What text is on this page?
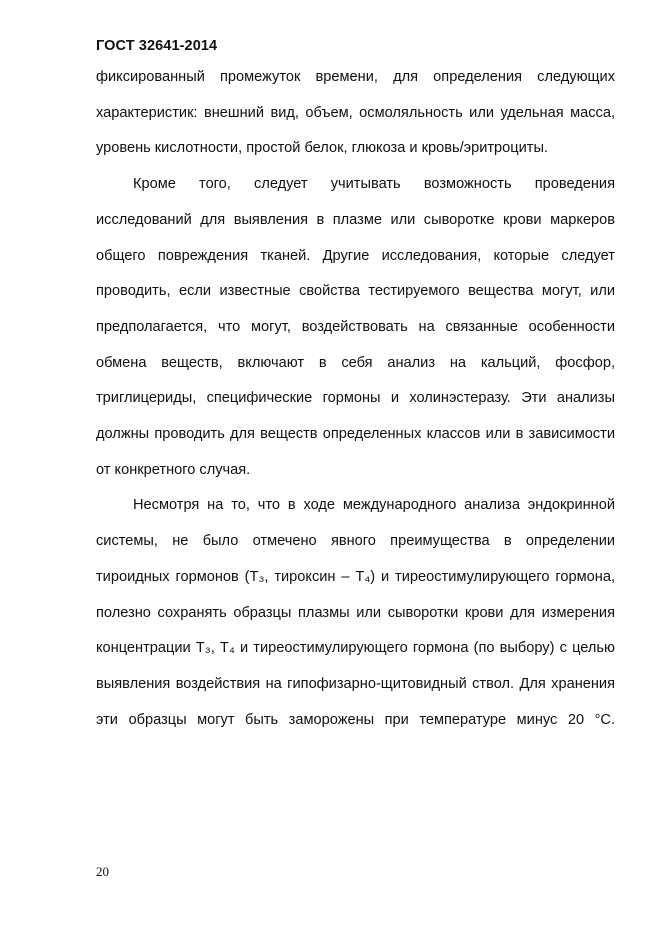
ГОСТ 32641-2014

фиксированный промежуток времени, для определения следующих характеристик: внешний вид, объем, осмоляльность или удельная масса, уровень кислотности, простой белок, глюкоза и кровь/эритроциты.

Кроме того, следует учитывать возможность проведения исследований для выявления в плазме или сыворотке крови маркеров общего повреждения тканей. Другие исследования, которые следует проводить, если известные свойства тестируемого вещества могут, или предполагается, что могут, воздействовать на связанные особенности обмена веществ, включают в себя анализ на кальций, фосфор, триглицериды, специфические гормоны и холинэстеразу. Эти анализы должны проводить для веществ определенных классов или в зависимости от конкретного случая.

Несмотря на то, что в ходе международного анализа эндокринной системы, не было отмечено явного преимущества в определении тироидных гормонов (Т₃, тироксин – Т₄) и тиреостимулирующего гормона, полезно сохранять образцы плазмы или сыворотки крови для измерения концентрации Т₃, Т₄ и тиреостимулирующего гормона (по выбору) с целью выявления воздействия на гипофизарно-щитовидный ствол. Для хранения эти образцы могут быть заморожены при температуре минус 20 °С.

20
